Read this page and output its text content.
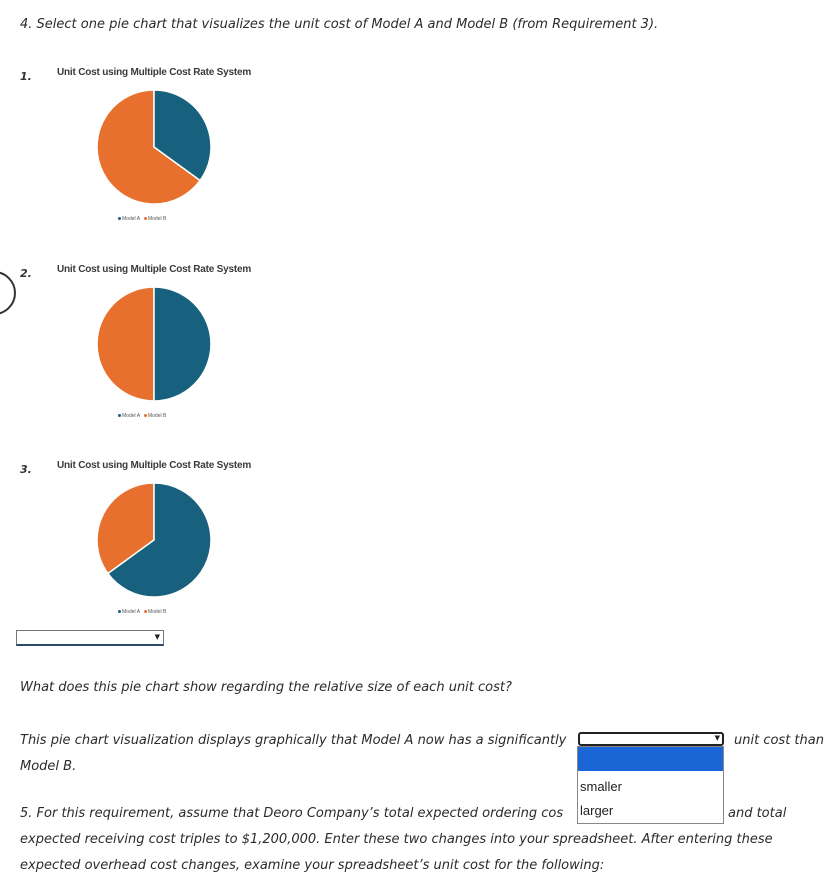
4. Select one pie chart that visualizes the unit cost of Model A and Model B (from Requirement 3).
1.	Unit Cost using Multiple Cost Rate System
Model A Model B
2.	Unit Cost using Multiple Cost Rate System
Model A Model B
3.	Unit Cost using Multiple Cost Rate System
Model A Model B
▼
What does this pie chart show regarding the relative size of each unit cost?
This pie chart visualization displays graphically that Model A now has a significantly	▼ unit cost than
Model B.
5. For this requirement, assume that Deoro Company’s total expected ordering cos	and total
expected receiving cost triples to $1,200,000. Enter these two changes into your spreadsheet. After entering these
expected overhead cost changes, examine your spreadsheet’s unit cost for the following:
smaller
larger
